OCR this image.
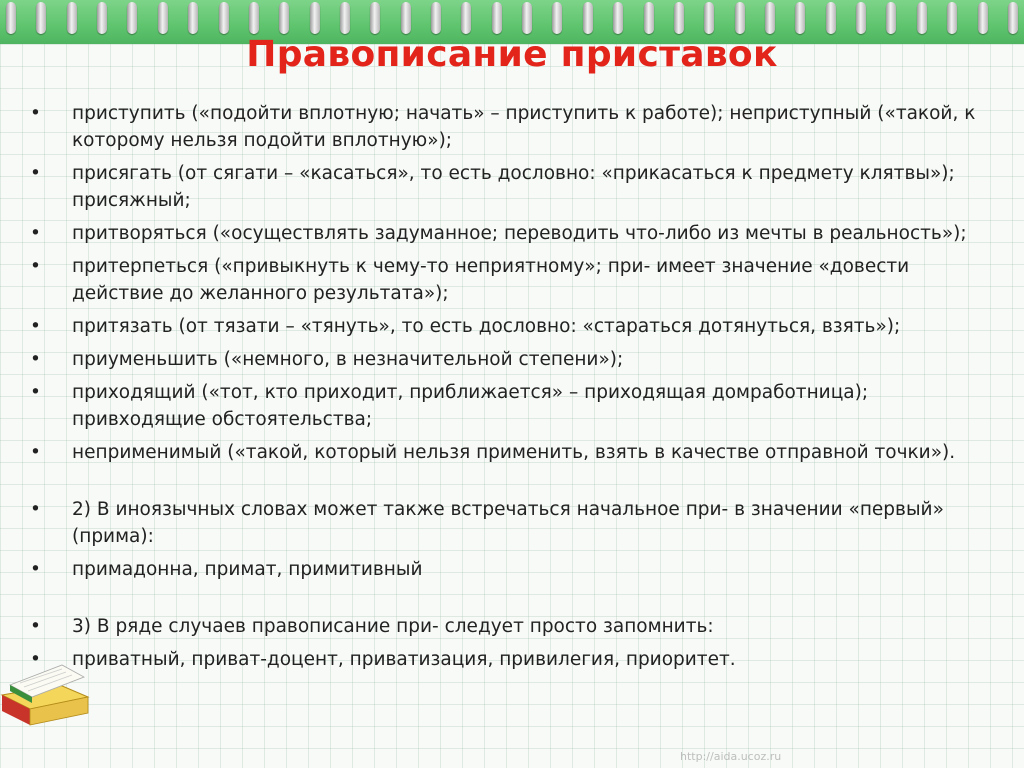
Правописание приставок
•	приступить («подойти вплотную; начать» – приступить к работе); неприступный («такой, к которому нельзя подойти вплотную»);
•	присягать (от сягати – «касаться», то есть дословно: «прикасаться к предмету клятвы»); присяжный;
•	притворяться («осуществлять задуманное; переводить что-либо из мечты в реальность»);
•	притерпеться («привыкнуть к чему-то неприятному»; при- имеет значение «довести действие до желанного результата»);
•	притязать (от тязати – «тянуть», то есть дословно: «стараться дотянуться, взять»);
•	приуменьшить («немного, в незначительной степени»);
•	приходящий («тот, кто приходит, приближается» – приходящая домработница); привходящие обстоятельства;
•	неприменимый («такой, который нельзя применить, взять в качестве отправной точки»).
•	2) В иноязычных словах может также встречаться начальное при- в значении «первый» (прима):
•	примадонна, примат, примитивный
•	3) В ряде случаев правописание при- следует просто запомнить:
•	приватный, приват-доцент, приватизация, привилегия, приоритет.
http://aida.ucoz.ru
